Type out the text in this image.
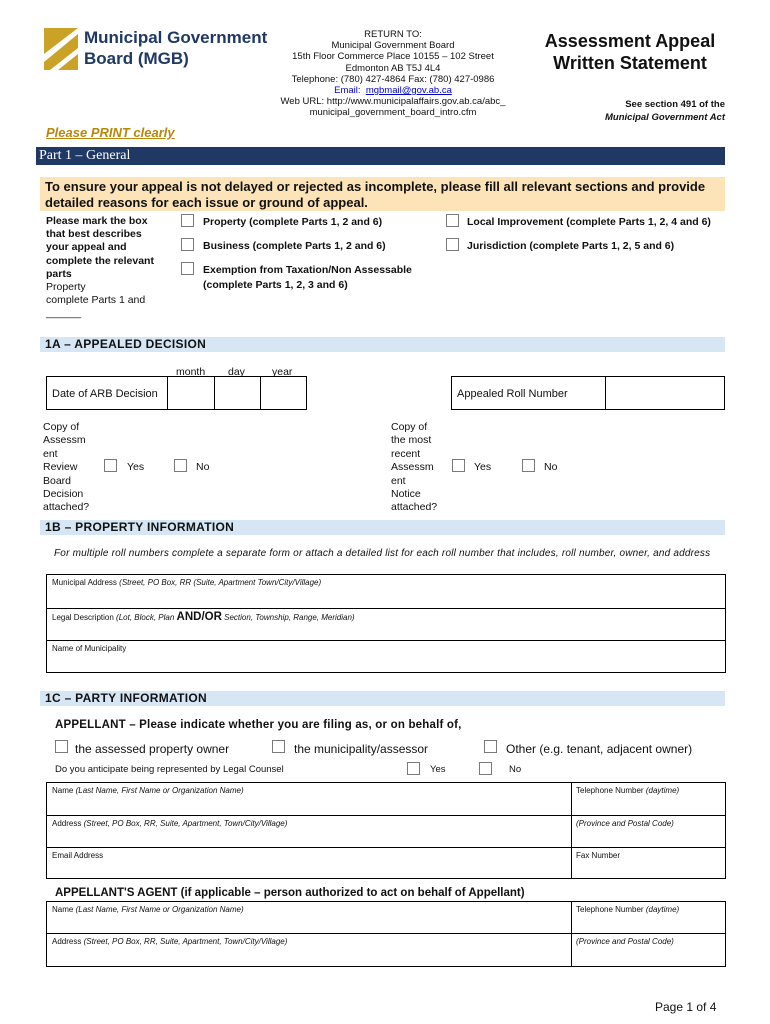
Municipal Government
Board (MGB)
RETURN TO:
Municipal Government Board
15th Floor Commerce Place 10155 – 102 Street
Edmonton AB T5J 4L4
Telephone: (780) 427-4864 Fax: (780) 427-0986
Email:  mgbmail@gov.ab.ca
Web URL: http://www.municipalaffairs.gov.ab.ca/abc_
municipal_government_board_intro.cfm
Assessment Appeal
Written Statement
See section 491 of the
Municipal Government Act
Please PRINT clearly
Part 1 – General
To ensure your appeal is not delayed or rejected as incomplete, please fill all relevant sections and provide detailed reasons for each issue or ground of appeal.
Please mark the box
that best describes
your appeal and
complete the relevant
parts
Property
complete Parts 1 and
______
Property (complete Parts 1, 2 and 6)	Local Improvement (complete Parts 1, 2, 4 and 6)
Business (complete Parts 1, 2 and 6)	Jurisdiction (complete Parts 1, 2, 5 and 6)
Exemption from Taxation/Non Assessable
(complete Parts 1, 2, 3 and 6)
1A – APPEALED DECISION
month day	year
Date of ARB Decision	Appealed Roll Number
Copy of
Assessm
ent
Review
Board
Decision
attached?
Yes	No
Copy of
the most
recent
Assessm
ent
Notice
attached?
Yes	No
1B – PROPERTY INFORMATION
For multiple roll numbers complete a separate form or attach a detailed list for each roll number that includes, roll number, owner, and address
Municipal Address (Street, PO Box, RR (Suite, Apartment Town/City/Village)
Legal Description (Lot, Block, Plan AND/OR Section, Township, Range, Meridian)
Name of Municipality
1C – PARTY INFORMATION
APPELLANT – Please indicate whether you are filing as, or on behalf of,
the assessed property owner	the municipality/assessor	Other (e.g. tenant, adjacent owner)
Do you anticipate being represented by Legal Counsel	Yes	No
Name (Last Name, First Name or Organization Name)	Telephone Number (daytime)
Address (Street, PO Box, RR, Suite, Apartment, Town/City/Village)	(Province and Postal Code)
Email Address	Fax Number
APPELLANT'S AGENT (if applicable – person authorized to act on behalf of Appellant)
Name (Last Name, First Name or Organization Name)	Telephone Number (daytime)
Address (Street, PO Box, RR, Suite, Apartment, Town/City/Village)	(Province and Postal Code)
Page 1 of 4
